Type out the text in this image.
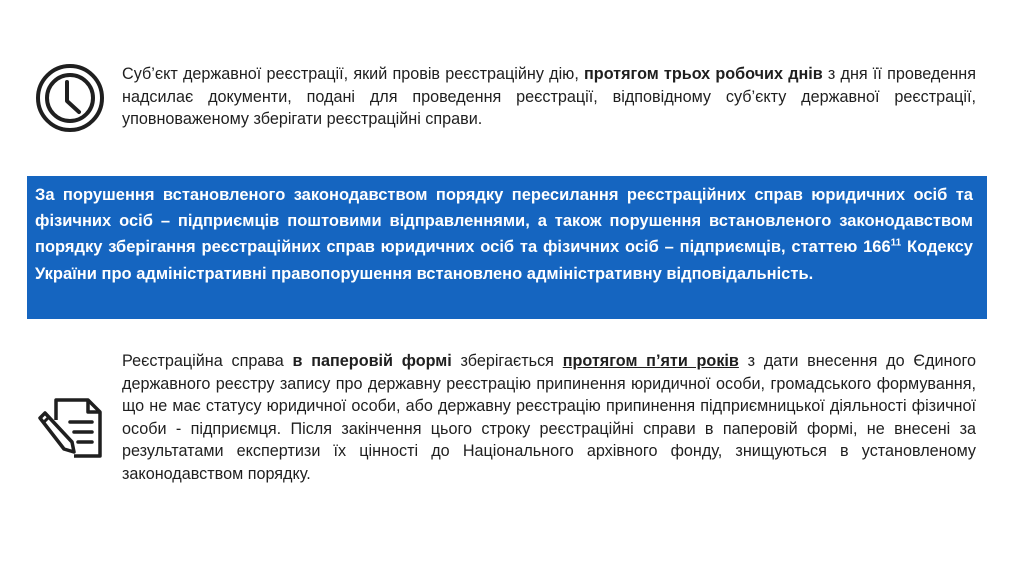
Суб’єкт державної реєстрації, який провів реєстраційну дію, протягом трьох робочих днів з дня її проведення надсилає документи, подані для проведення реєстрації, відповідному суб’єкту державної реєстрації, уповноваженому зберігати реєстраційні справи.

За порушення встановленого законодавством порядку пересилання реєстраційних справ юридичних осіб та фізичних осіб – підприємців поштовими відправленнями, а також порушення встановленого законодавством порядку зберігання реєстраційних справ юридичних осіб та фізичних осіб – підприємців, статтею $166^{11}$ Кодексу України про адміністративні правопорушення встановлено адміністративну відповідальність.

Реєстраційна справа в паперовій формі зберігається протягом п’яти років з дати внесення до Єдиного державного реєстру запису про державну реєстрацію припинення юридичної особи, громадського формування, що не має статусу юридичної особи, або державну реєстрацію припинення підприємницької діяльності фізичної особи - підприємця. Після закінчення цього строку реєстраційні справи в паперовій формі, не внесені за результатами експертизи їх цінності до Національного архівного фонду, знищуються в установленому законодавством порядку.
